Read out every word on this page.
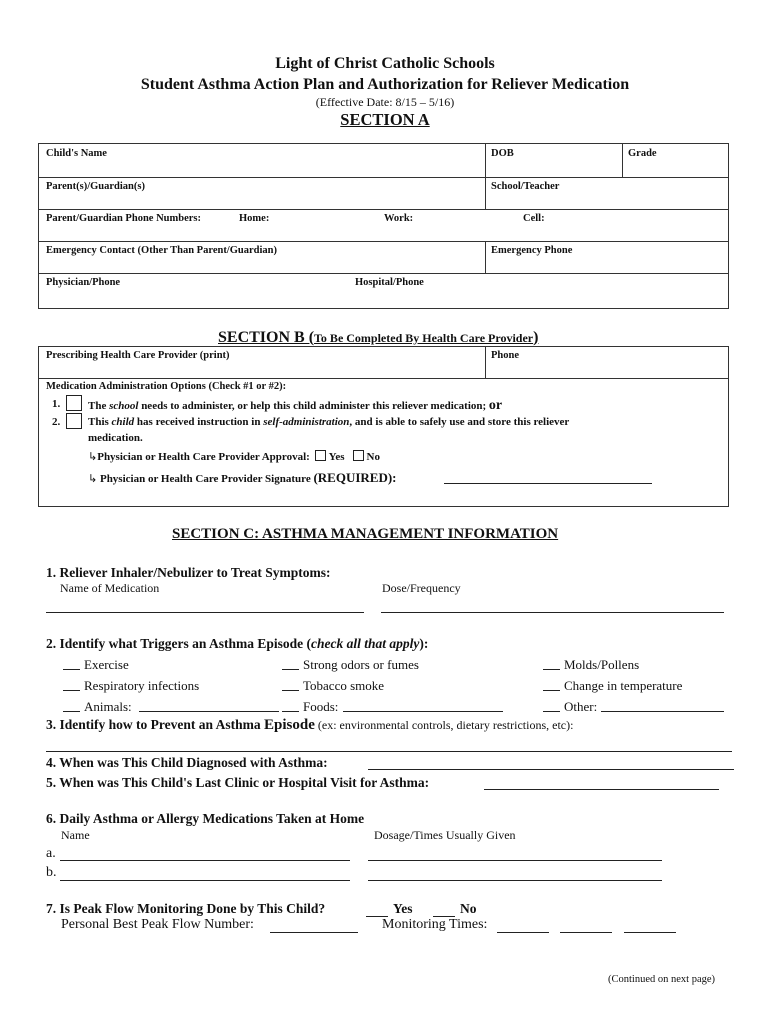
Light of Christ Catholic Schools
Student Asthma Action Plan and Authorization for Reliever Medication
(Effective Date: 8/15 – 5/16)
SECTION A
Child's Name	DOB	Grade
Parent(s)/Guardian(s)	School/Teacher
Parent/Guardian Phone Numbers:	Home:	Work:	Cell:
Emergency Contact (Other Than Parent/Guardian)	Emergency Phone
Physician/Phone	Hospital/Phone
SECTION B (To Be Completed By Health Care Provider)
Prescribing Health Care Provider (print)	Phone
Medication Administration Options (Check #1 or #2):
1.	The school needs to administer, or help this child administer this reliever medication; or
2.	This child has received instruction in self-administration, and is able to safely use and store this reliever
medication.
↳Physician or Health Care Provider Approval: Yes No
↳ Physician or Health Care Provider Signature (REQUIRED):
SECTION C: ASTHMA MANAGEMENT INFORMATION
1. Reliever Inhaler/Nebulizer to Treat Symptoms:
Name of Medication	Dose/Frequency
2. Identify what Triggers an Asthma Episode (check all that apply):
Exercise	Strong odors or fumes	Molds/Pollens
Respiratory infections	Tobacco smoke	Change in temperature
Animals:	Foods:	Other:
3. Identify how to Prevent an Asthma Episode (ex: environmental controls, dietary restrictions, etc):
4. When was This Child Diagnosed with Asthma:
5. When was This Child's Last Clinic or Hospital Visit for Asthma:
6. Daily Asthma or Allergy Medications Taken at Home
Name	Dosage/Times Usually Given
a.
b.
7. Is Peak Flow Monitoring Done by This Child?	Yes	No
Personal Best Peak Flow Number:	Monitoring Times:
(Continued on next page)
